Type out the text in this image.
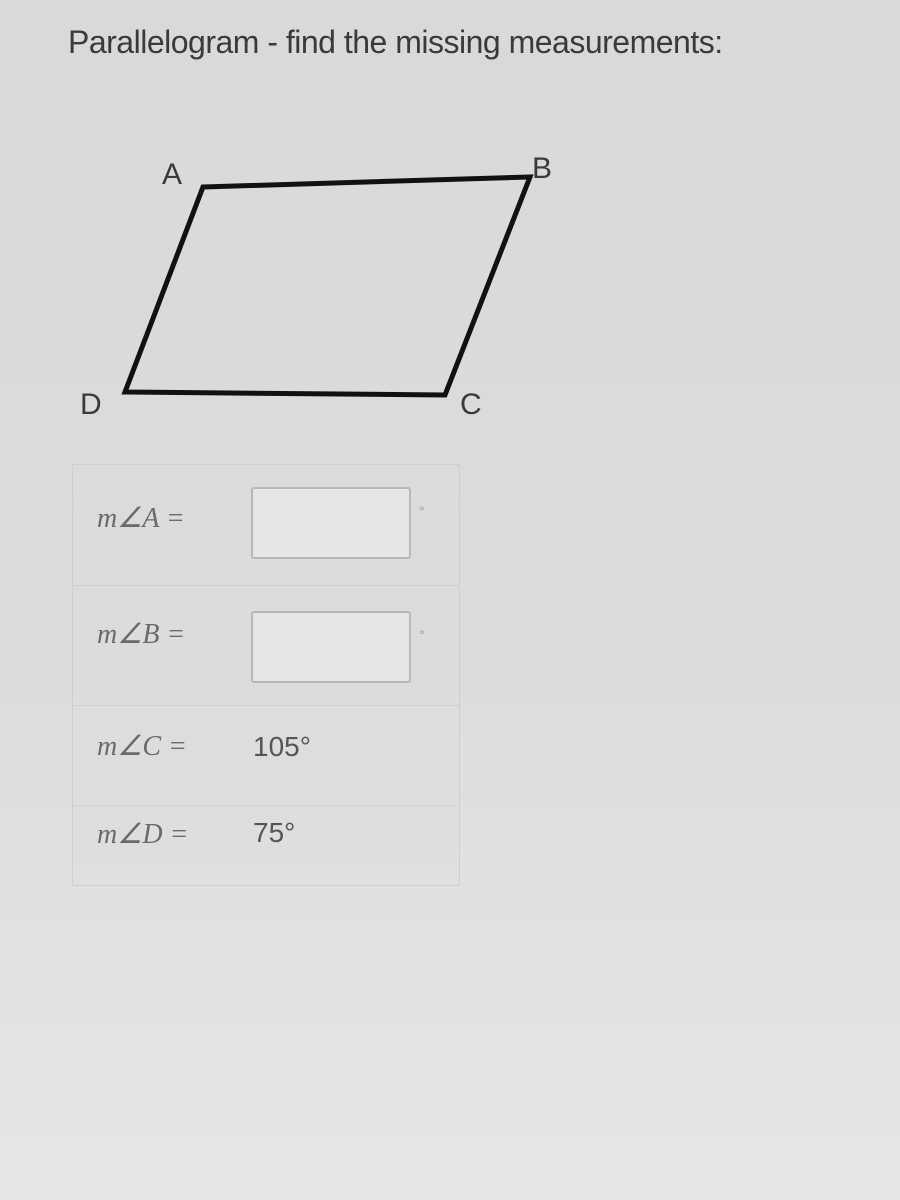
Parallelogram - find the missing measurements:
A	B
C
D
m∠A =	°
m∠B =	°
m∠C = 105°
m∠D = 75°
